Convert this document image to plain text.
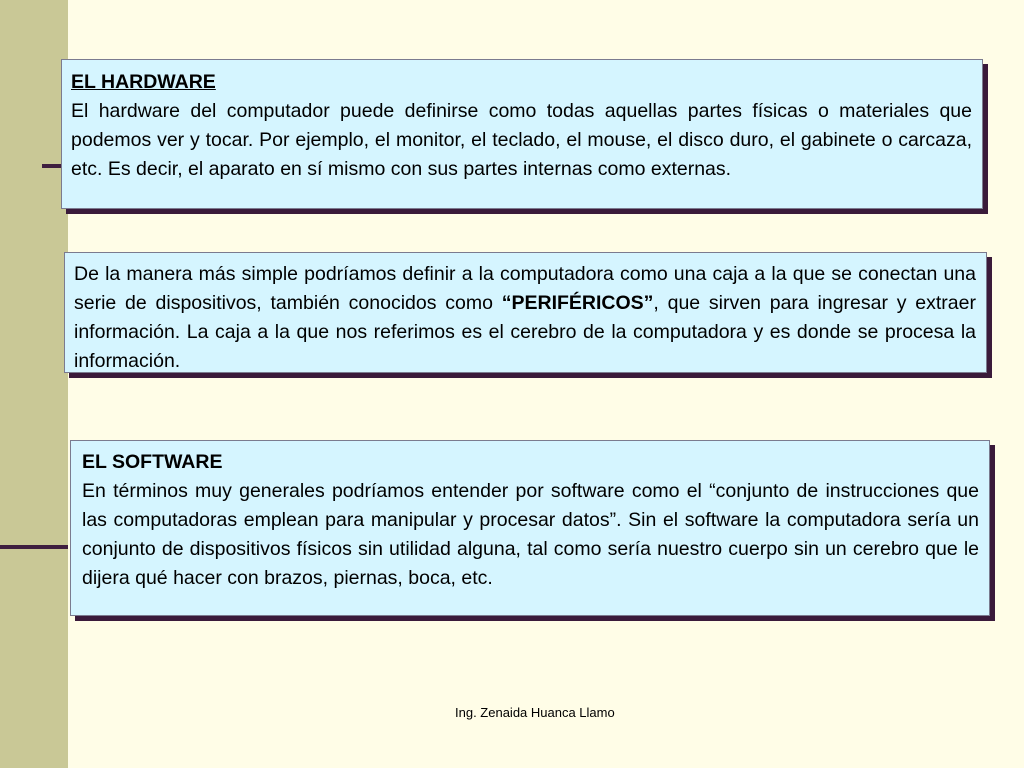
EL HARDWARE

El hardware del computador puede definirse como todas aquellas partes físicas o materiales que podemos ver y tocar. Por ejemplo, el monitor, el teclado, el mouse, el disco duro, el gabinete o carcaza, etc. Es decir, el aparato en sí mismo con sus partes internas como externas.

De la manera más simple podríamos definir a la computadora como una caja a la que se conectan una serie de dispositivos, también conocidos como “PERIFÉRICOS”, que sirven para ingresar y extraer información. La caja a la que nos referimos es el cerebro de la computadora y es donde se procesa la información.

EL SOFTWARE

En términos muy generales podríamos entender por software como el “conjunto de instrucciones que las computadoras emplean para manipular y procesar datos”. Sin el software la computadora sería un conjunto de dispositivos físicos sin utilidad alguna, tal como sería nuestro cuerpo sin un cerebro que le dijera qué hacer con brazos, piernas, boca, etc.

Ing. Zenaida Huanca Llamo
